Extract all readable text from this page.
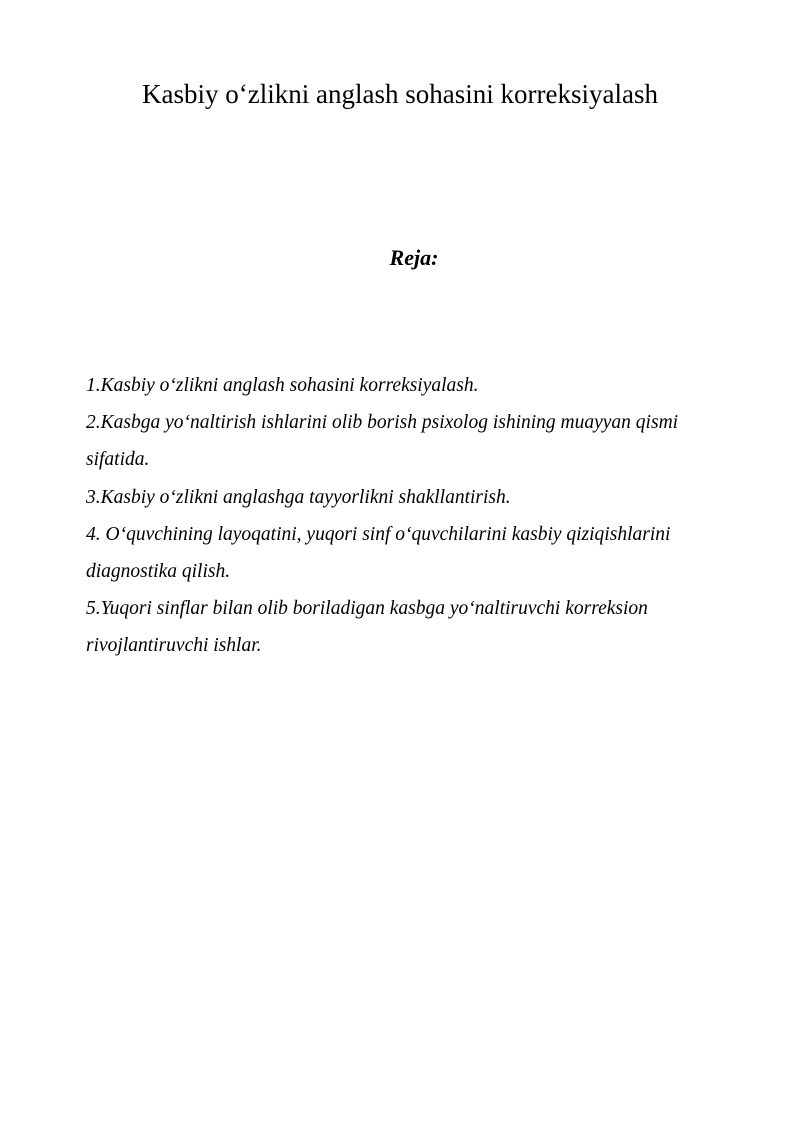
Kasbiy o‘zlikni anglash sohasini korreksiyalash
Reja:
1.Kasbiy o‘zlikni anglash sohasini korreksiyalash.
2.Kasbga yo‘naltirish ishlarini olib borish psixolog ishining muayyan qismi sifatida.
3.Kasbiy o‘zlikni anglashga tayyorlikni shakllantirish.
4. O‘quvchining layoqatini, yuqori sinf o‘quvchilarini kasbiy qiziqishlarini diagnostika qilish.
5.Yuqori sinflar bilan olib boriladigan kasbga yo‘naltiruvchi korreksion rivojlantiruvchi ishlar.
